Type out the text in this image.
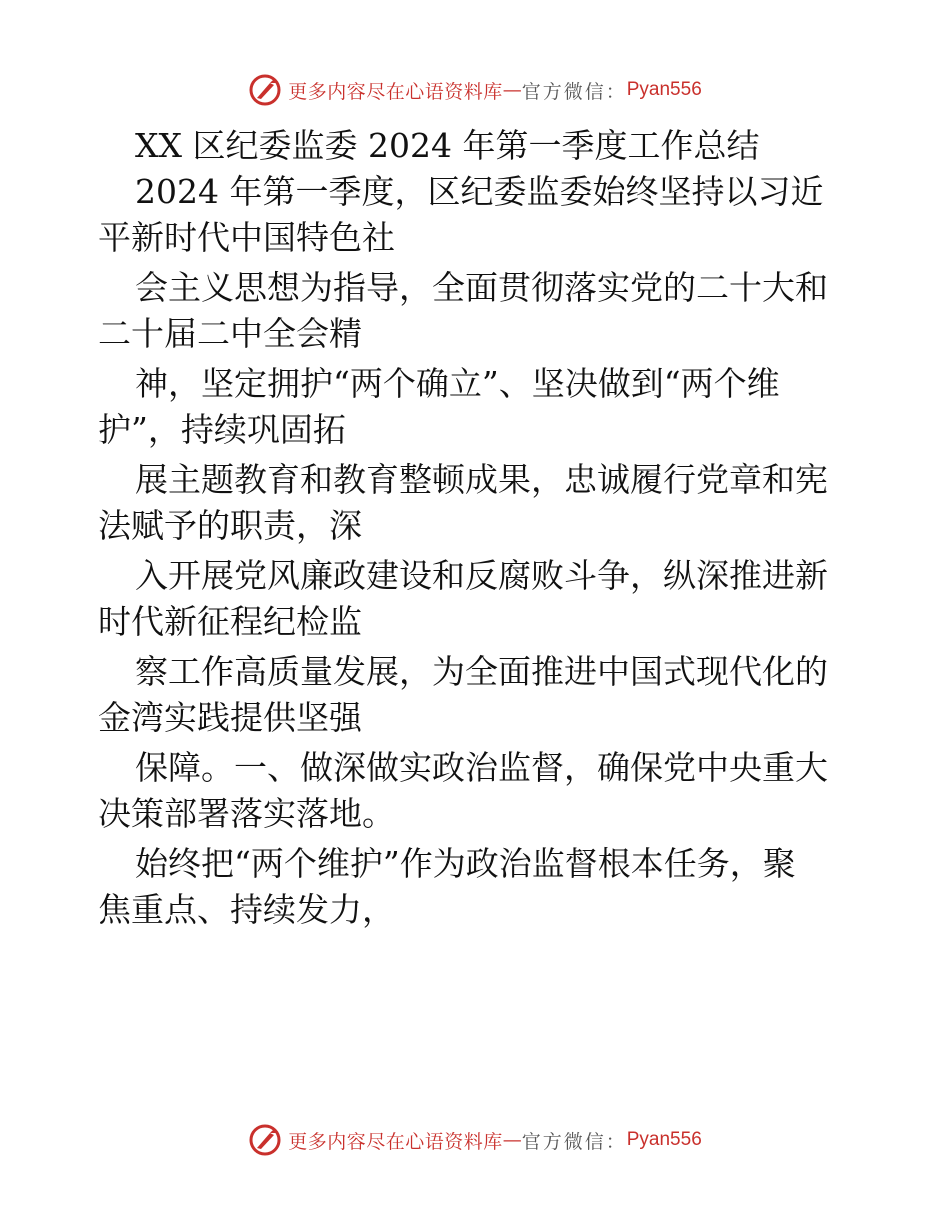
更多内容尽在心语资料库 — 官方微信： Pyan556
XX 区纪委监委 2024 年第一季度工作总结
2024 年第一季度，区纪委监委始终坚持以习近
平新时代中国特色社
会主义思想为指导，全面贯彻落实党的二十大和
二十届二中全会精
神，坚定拥护“两个确立”、坚决做到“两个维
护”，持续巩固拓
展主题教育和教育整顿成果，忠诚履行党章和宪
法赋予的职责，深
入开展党风廉政建设和反腐败斗争，纵深推进新
时代新征程纪检监
察工作高质量发展，为全面推进中国式现代化的
金湾实践提供坚强
保障。一、做深做实政治监督，确保党中央重大
决策部署落实落地。
始终把“两个维护”作为政治监督根本任务，聚
焦重点、持续发力，
更多内容尽在心语资料库 — 官方微信： Pyan556
